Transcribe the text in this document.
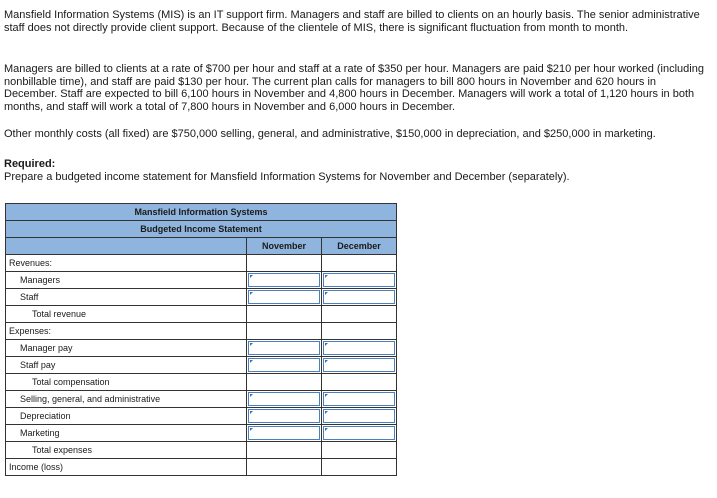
Mansfield Information Systems (MIS) is an IT support firm. Managers and staff are billed to clients on an hourly basis. The senior administrative staff does not directly provide client support. Because of the clientele of MIS, there is significant fluctuation from month to month.

Managers are billed to clients at a rate of $700 per hour and staff at a rate of $350 per hour. Managers are paid $210 per hour worked (including nonbillable time), and staff are paid $130 per hour. The current plan calls for managers to bill 800 hours in November and 620 hours in December. Staff are expected to bill 6,100 hours in November and 4,800 hours in December. Managers will work a total of 1,120 hours in both months, and staff will work a total of 7,800 hours in November and 6,000 hours in December.

Other monthly costs (all fixed) are $750,000 selling, general, and administrative, $150,000 in depreciation, and $250,000 in marketing.

Required:

Prepare a budgeted income statement for Mansfield Information Systems for November and December (separately).

Mansfield Information Systems		
Budgeted Income Statement		
	November	December
Revenues:		
Managers		
Staff		
Total revenue		
Expenses:		
Manager pay		
Staff pay		
Total compensation		
Selling, general, and administrative		
Depreciation		
Marketing		
Total expenses		
Income (loss)		
